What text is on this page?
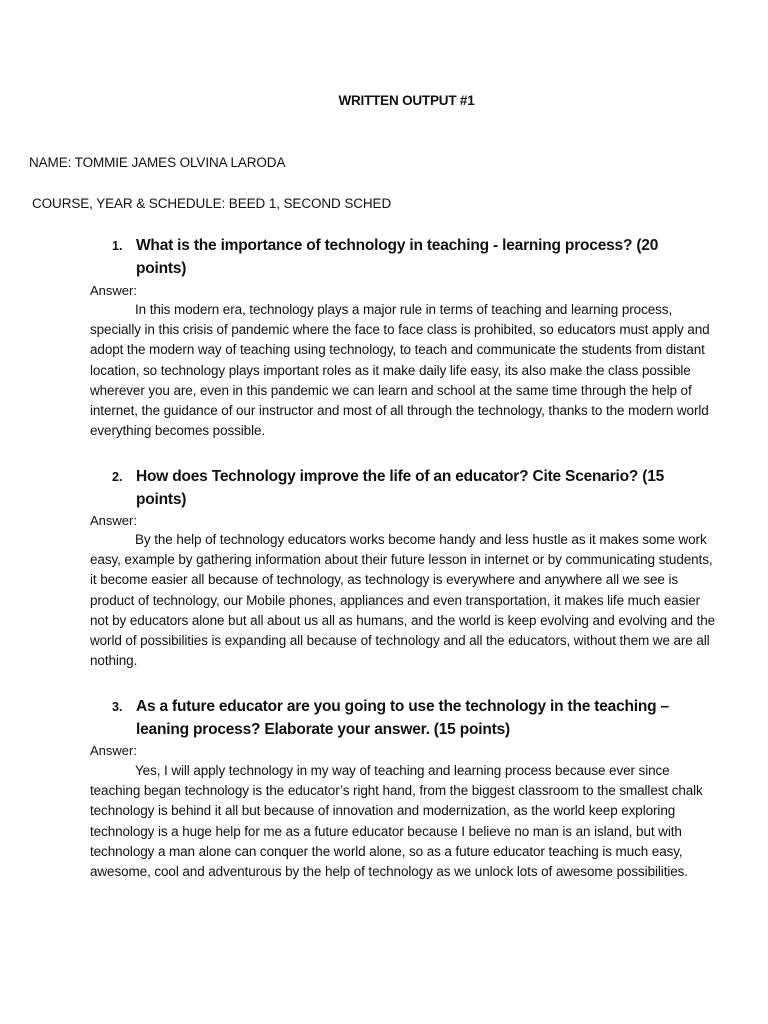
WRITTEN OUTPUT #1
NAME: TOMMIE JAMES OLVINA LARODA
COURSE, YEAR & SCHEDULE: BEED 1, SECOND SCHED
1. What is the importance of technology in teaching - learning process? (20 points)
Answer:

In this modern era, technology plays a major rule in terms of teaching and learning process, specially in this crisis of pandemic where the face to face class is prohibited, so educators must apply and adopt the modern way of teaching using technology, to teach and communicate the students from distant location, so technology plays important roles as it make daily life easy, its also make the class possible wherever you are, even in this pandemic we can learn and school at the same time through the help of internet, the guidance of our instructor and most of all through the technology, thanks to the modern world everything becomes possible.

2. How does Technology improve the life of an educator? Cite Scenario? (15 points)
Answer:

By the help of technology educators works become handy and less hustle as it makes some work easy, example by gathering information about their future lesson in internet or by communicating students, it become easier all because of technology, as technology is everywhere and anywhere all we see is product of technology, our Mobile phones, appliances and even transportation, it makes life much easier not by educators alone but all about us all as humans, and the world is keep evolving and evolving and the world of possibilities is expanding all because of technology and all the educators, without them we are all nothing.

3. As a future educator are you going to use the technology in the teaching – leaning process? Elaborate your answer. (15 points)
Answer:

Yes, I will apply technology in my way of teaching and learning process because ever since teaching began technology is the educator’s right hand, from the biggest classroom to the smallest chalk technology is behind it all but because of innovation and modernization, as the world keep exploring technology is a huge help for me as a future educator because I believe no man is an island, but with technology a man alone can conquer the world alone, so as a future educator teaching is much easy, awesome, cool and adventurous by the help of technology as we unlock lots of awesome possibilities.
